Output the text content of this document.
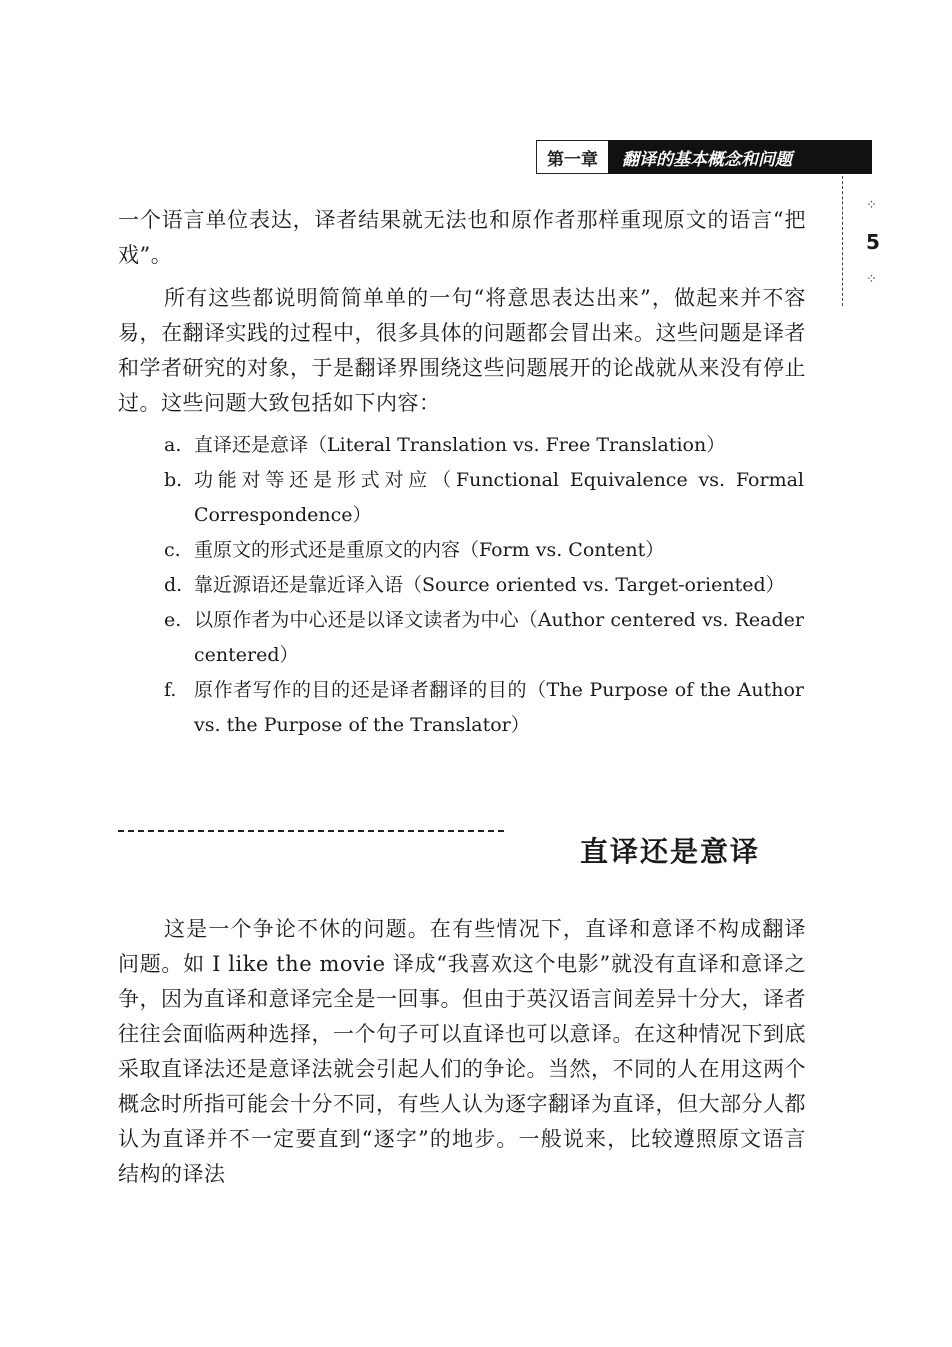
第一章	翻译的基本概念和问题
⁘
5
⁘

一个语言单位表达，译者结果就无法也和原作者那样重现原文的语言“把戏”。

所有这些都说明简简单单的一句“将意思表达出来”，做起来并不容易，在翻译实践的过程中，很多具体的问题都会冒出来。这些问题是译者和学者研究的对象，于是翻译界围绕这些问题展开的论战就从来没有停止过。这些问题大致包括如下内容：

a. 直译还是意译（Literal Translation vs. Free Translation）
b. 功能对等还是形式对应（Functional Equivalence vs. Formal Correspondence）
c. 重原文的形式还是重原文的内容（Form vs. Content）
d. 靠近源语还是靠近译入语（Source oriented vs. Target-oriented）
e. 以原作者为中心还是以译文读者为中心（Author centered vs. Reader centered）
f. 原作者写作的目的还是译者翻译的目的（The Purpose of the Author vs. the Purpose of the Translator）
直译还是意译

这是一个争论不休的问题。在有些情况下，直译和意译不构成翻译问题。如 I like the movie 译成“我喜欢这个电影”就没有直译和意译之争，因为直译和意译完全是一回事。但由于英汉语言间差异十分大，译者往往会面临两种选择，一个句子可以直译也可以意译。在这种情况下到底采取直译法还是意译法就会引起人们的争论。当然，不同的人在用这两个概念时所指可能会十分不同，有些人认为逐字翻译为直译，但大部分人都认为直译并不一定要直到“逐字”的地步。一般说来，比较遵照原文语言结构的译法
